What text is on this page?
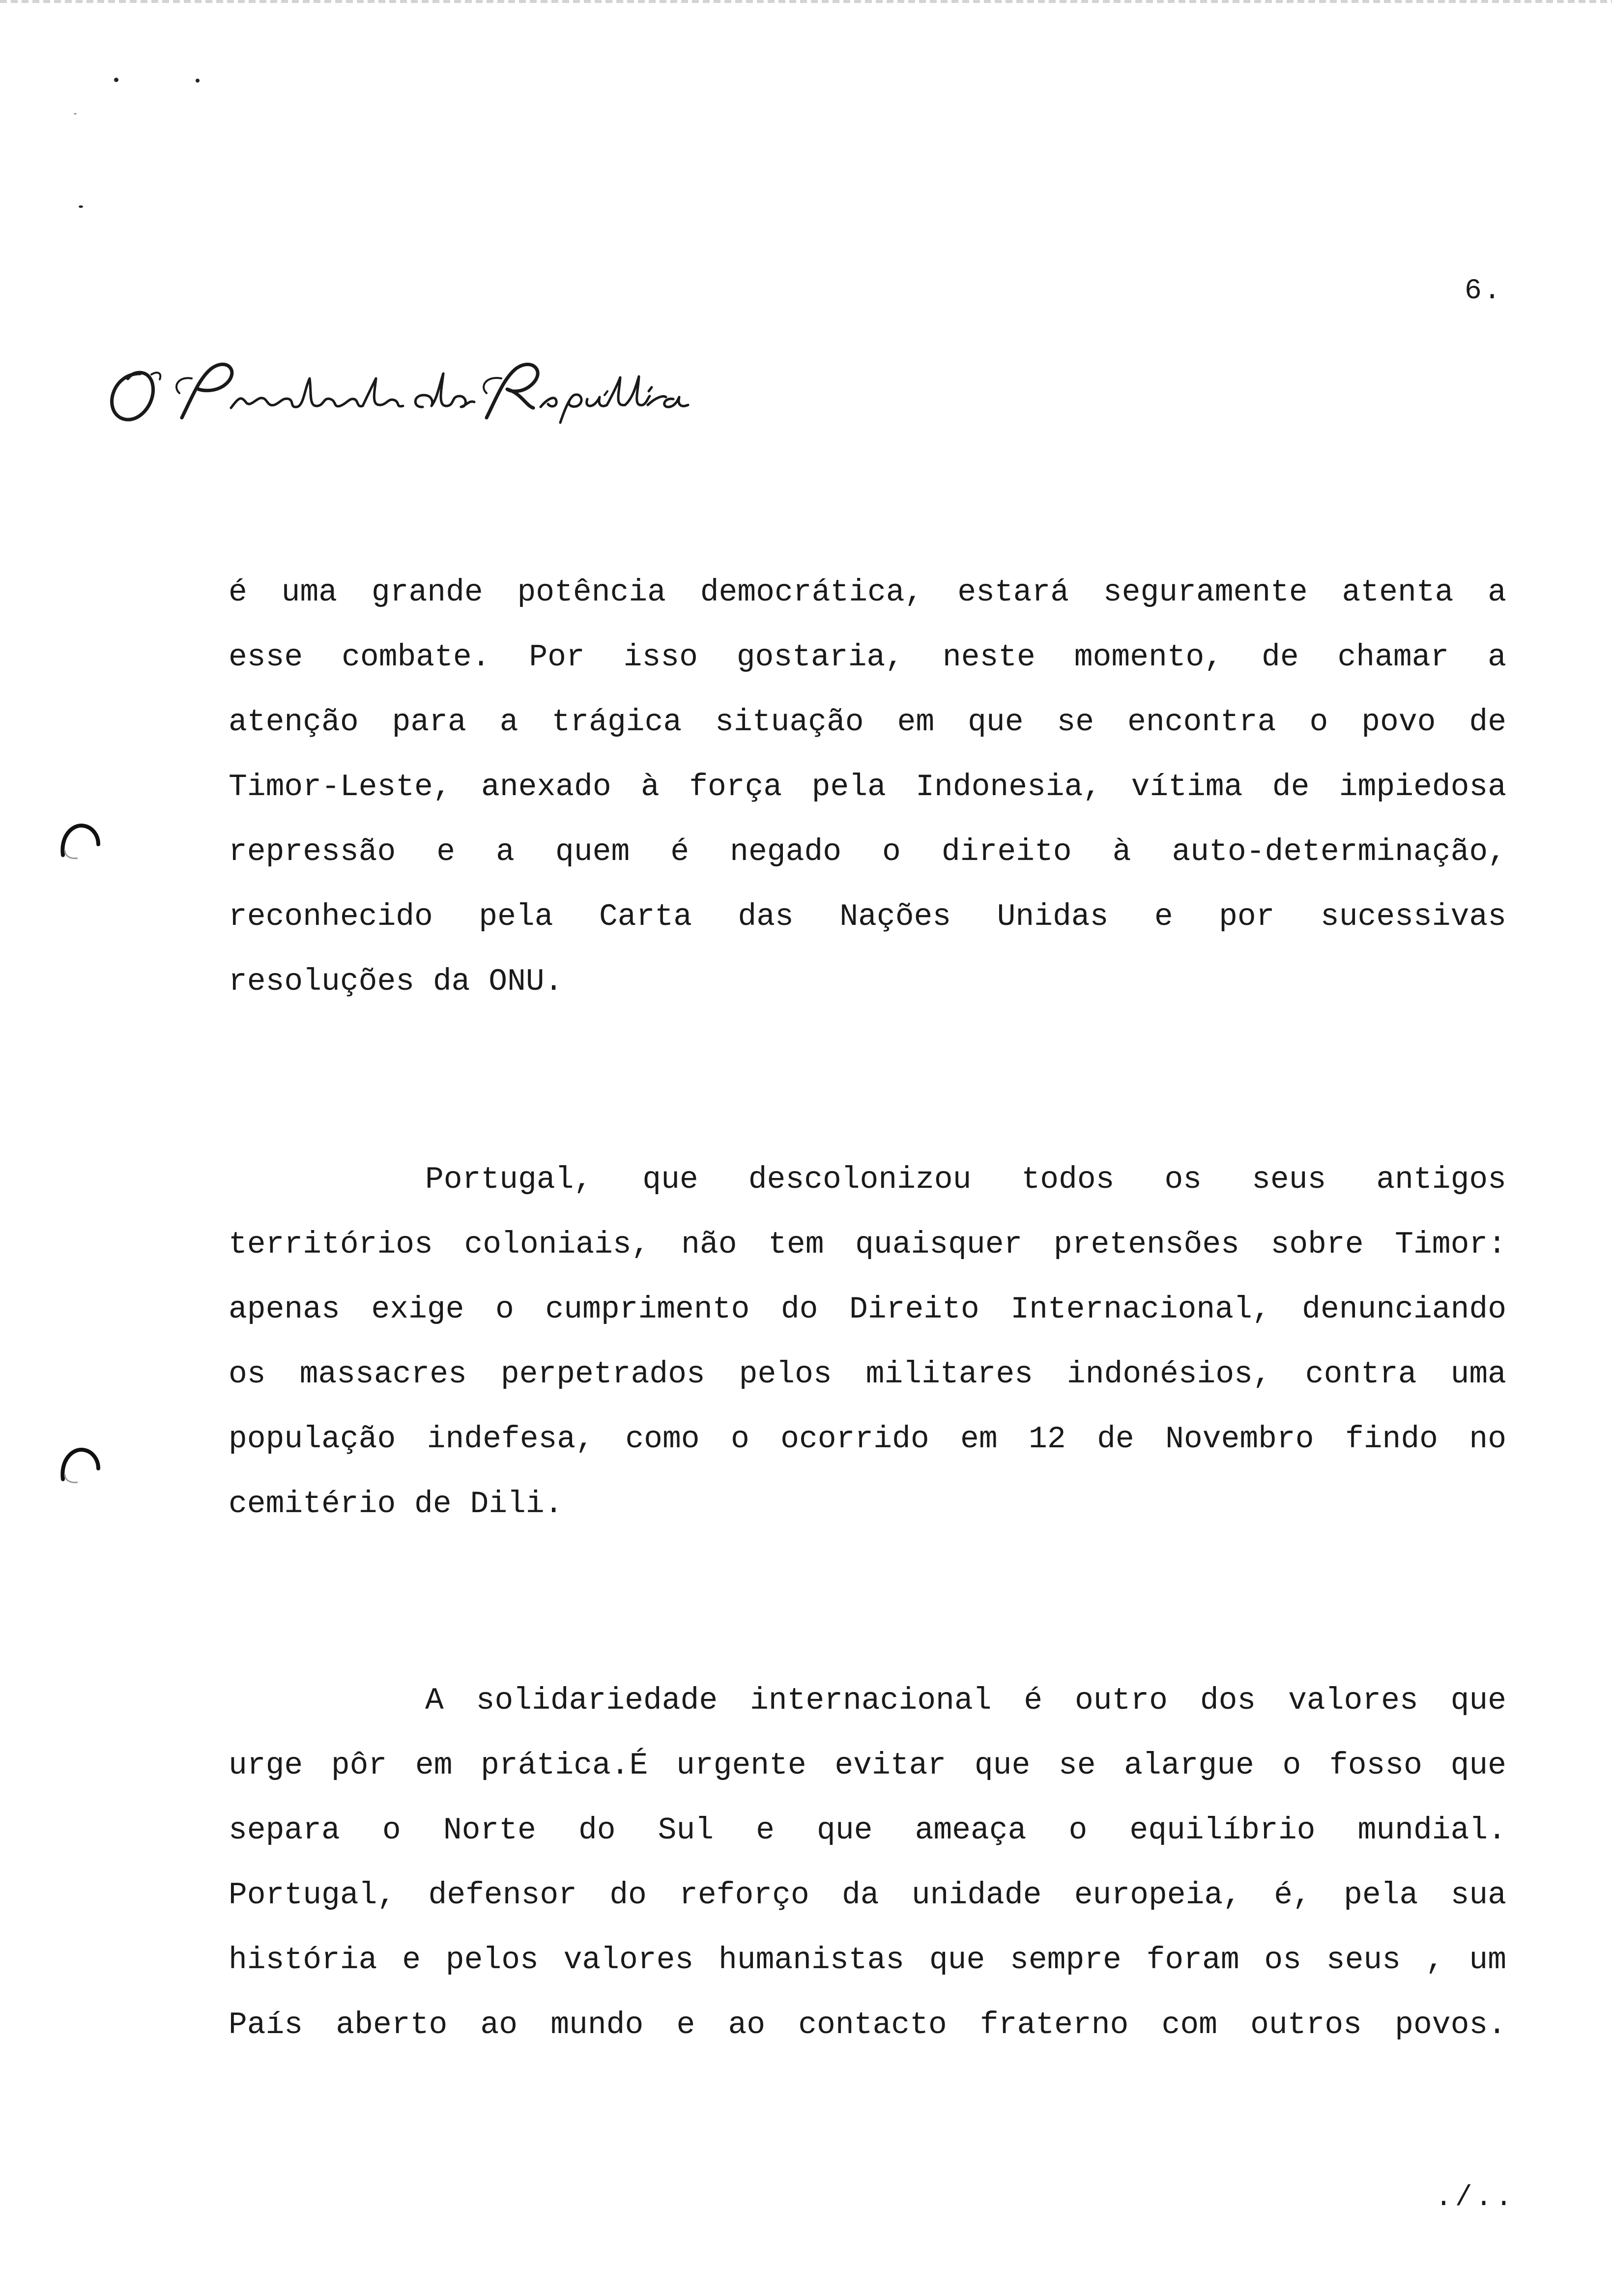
6.
é uma grande potência democrática, estará seguramente atenta a
esse combate. Por isso gostaria, neste momento, de chamar a
atenção para a trágica situação em que se encontra o povo de
Timor-Leste, anexado à força pela Indonesia, vítima de impiedosa
repressão e a quem é negado o direito à auto-determinação,
reconhecido pela Carta das Nações Unidas e por sucessivas
resoluções da ONU.
Portugal, que descolonizou todos os seus antigos
territórios coloniais, não tem quaisquer pretensões sobre Timor:
apenas exige o cumprimento do Direito Internacional, denunciando
os massacres perpetrados pelos militares indonésios, contra uma
população indefesa, como o ocorrido em 12 de Novembro findo no
cemitério de Dili.
A solidariedade internacional é outro dos valores que
urge pôr em prática.É urgente evitar que se alargue o fosso que
separa o Norte do Sul e que ameaça o equilíbrio mundial.
Portugal, defensor do reforço da unidade europeia, é, pela sua
história e pelos valores humanistas que sempre foram os seus , um
País aberto ao mundo e ao contacto fraterno com outros povos.
./..
